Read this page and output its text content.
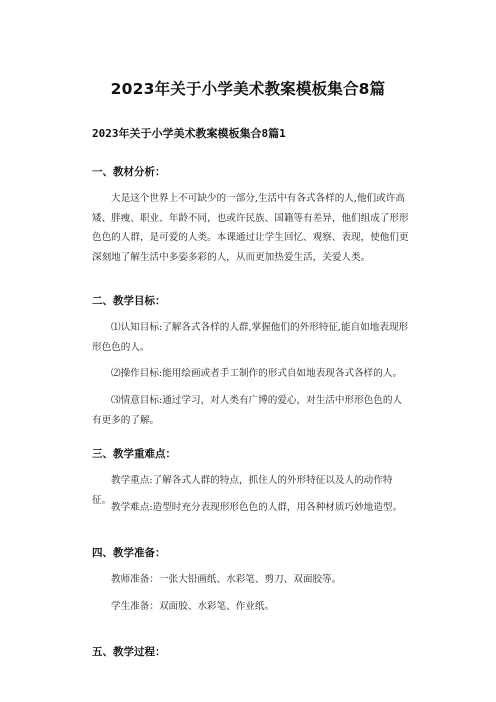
2023年关于小学美术教案模板集合8篇
2023年关于小学美术教案模板集合8篇1
一、教材分析：

大是这个世界上不可缺少的一部分,生活中有各式各样的人,他们或许高矮、胖瘦、职业、年龄不同，也或许民族、国籍等有差异，他们组成了形形色色的人群，是可爱的人类。本课通过让学生回忆、观察、表现，使他们更深刻地了解生活中多姿多彩的人，从而更加热爱生活，关爱人类。

二、教学目标：

⑴认知目标:了解各式各样的人群,掌握他们的外形特征,能自如地表现形形色色的人。

⑵操作目标:能用绘画或者手工制作的形式自如地表现各式各样的人。

⑶情意目标:通过学习，对人类有广博的爱心，对生活中形形色色的人有更多的了解。

三、教学重难点：

教学重点:了解各式人群的特点，抓住人的外形特征以及人的动作特征。

教学难点:造型时充分表现形形色色的人群，用各种材质巧妙地造型。

四、教学准备：

教师准备：一张大铅画纸、水彩笔、剪刀、双面胶等。

学生准备：双面胶、水彩笔、作业纸。

五、教学过程：
